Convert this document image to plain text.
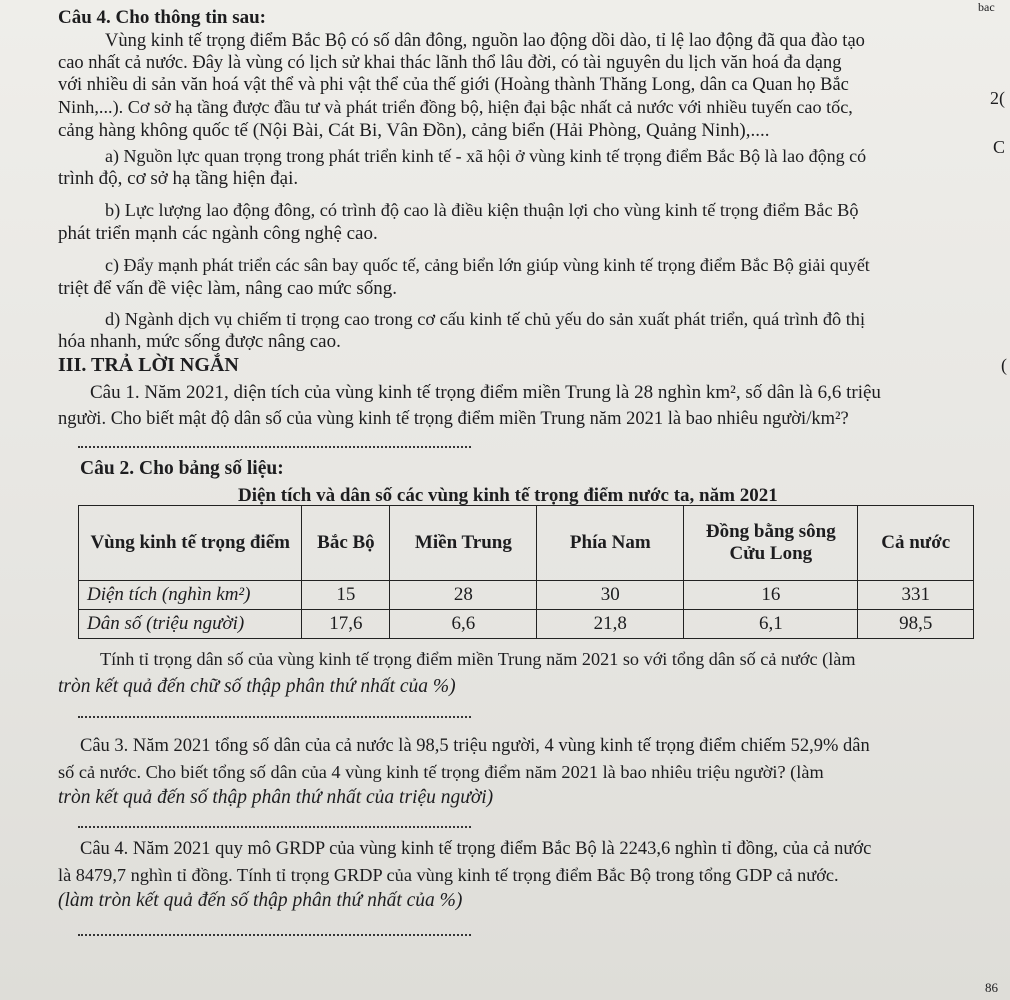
bac
2(
C
(
Câu 4. Cho thông tin sau:
Vùng kinh tế trọng điểm Bắc Bộ có số dân đông, nguồn lao động dồi dào, tỉ lệ lao động đã qua đào tạo
cao nhất cả nước. Đây là vùng có lịch sử khai thác lãnh thổ lâu đời, có tài nguyên du lịch văn hoá đa dạng
với nhiều di sản văn hoá vật thể và phi vật thể của thế giới (Hoàng thành Thăng Long, dân ca Quan họ Bắc
Ninh,...). Cơ sở hạ tầng được đầu tư và phát triển đồng bộ, hiện đại bậc nhất cả nước với nhiều tuyến cao tốc,
cảng hàng không quốc tế (Nội Bài, Cát Bi, Vân Đồn), cảng biển (Hải Phòng, Quảng Ninh),....
a) Nguồn lực quan trọng trong phát triển kinh tế - xã hội ở vùng kinh tế trọng điểm Bắc Bộ là lao động có
trình độ, cơ sở hạ tầng hiện đại.
b) Lực lượng lao động đông, có trình độ cao là điều kiện thuận lợi cho vùng kinh tế trọng điểm Bắc Bộ
phát triển mạnh các ngành công nghệ cao.
c) Đẩy mạnh phát triển các sân bay quốc tế, cảng biển lớn giúp vùng kinh tế trọng điểm Bắc Bộ giải quyết
triệt để vấn đề việc làm, nâng cao mức sống.
d) Ngành dịch vụ chiếm tỉ trọng cao trong cơ cấu kinh tế chủ yếu do sản xuất phát triển, quá trình đô thị
hóa nhanh, mức sống được nâng cao.
III. TRẢ LỜI NGẮN
Câu 1. Năm 2021, diện tích của vùng kinh tế trọng điểm miền Trung là 28 nghìn km², số dân là 6,6 triệu
người. Cho biết mật độ dân số của vùng kinh tế trọng điểm miền Trung năm 2021 là bao nhiêu người/km²?
Câu 2. Cho bảng số liệu:
Diện tích và dân số các vùng kinh tế trọng điểm nước ta, năm 2021
Vùng kinh tế trọng điểm	Bắc Bộ	Miền Trung	Phía Nam	Đồng bằng sông Cửu Long	Cả nước
Diện tích (nghìn km²)	15	28	30	16	331
Dân số (triệu người)	17,6	6,6	21,8	6,1	98,5
Tính tỉ trọng dân số của vùng kinh tế trọng điểm miền Trung năm 2021 so với tổng dân số cả nước (làm
tròn kết quả đến chữ số thập phân thứ nhất của %)
Câu 3. Năm 2021 tổng số dân của cả nước là 98,5 triệu người, 4 vùng kinh tế trọng điểm chiếm 52,9% dân
số cả nước. Cho biết tổng số dân của 4 vùng kinh tế trọng điểm năm 2021 là bao nhiêu triệu người? (làm
tròn kết quả đến số thập phân thứ nhất của triệu người)
Câu 4. Năm 2021 quy mô GRDP của vùng kinh tế trọng điểm Bắc Bộ là 2243,6 nghìn tỉ đồng, của cả nước
là 8479,7 nghìn tỉ đồng. Tính tỉ trọng GRDP của vùng kinh tế trọng điểm Bắc Bộ trong tổng GDP cả nước.
(làm tròn kết quả đến số thập phân thứ nhất của %)
86
